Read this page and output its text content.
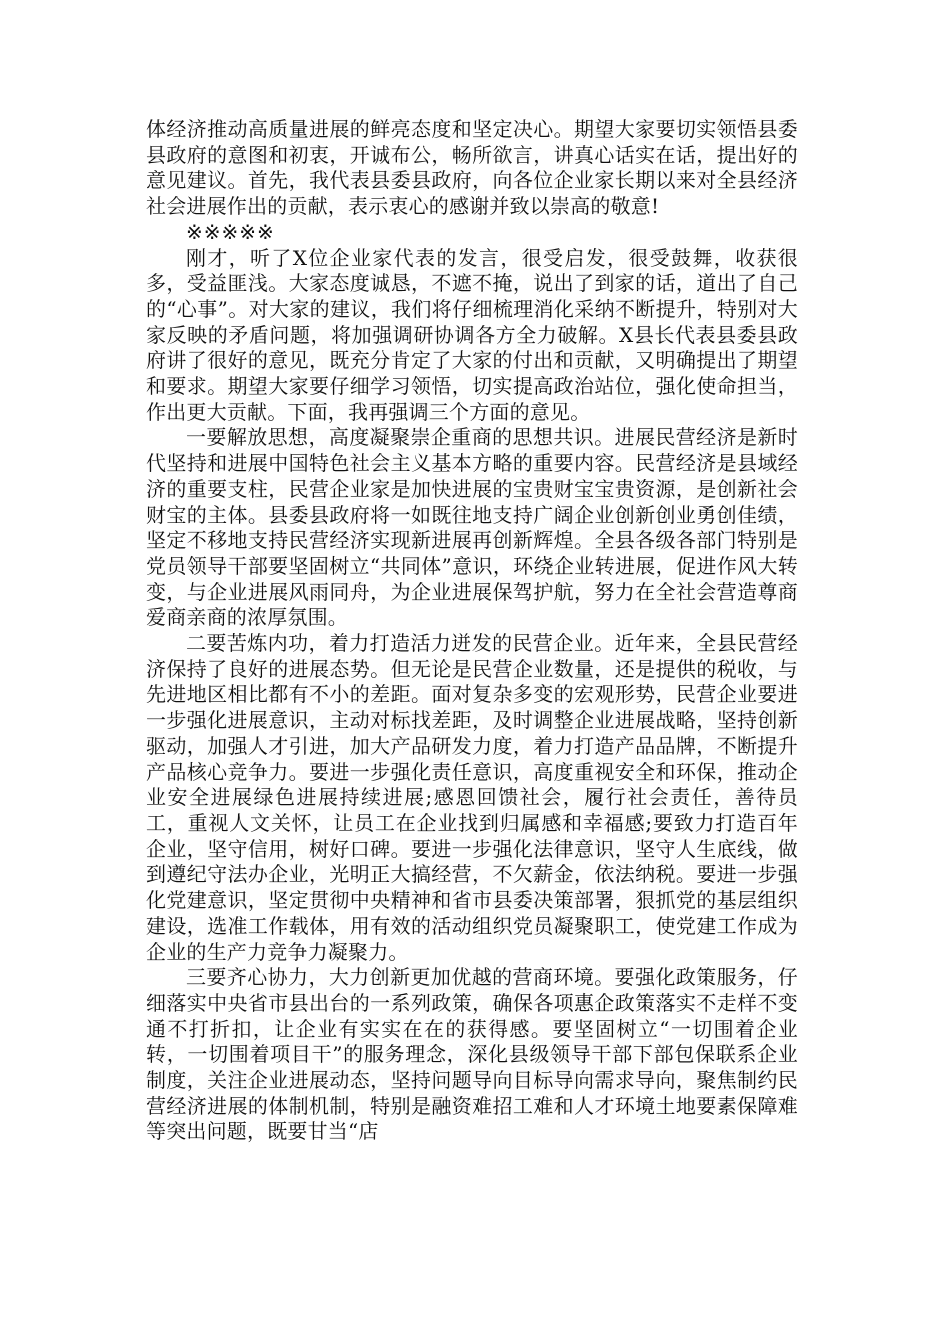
体经济推动高质量进展的鲜亮态度和坚定决心。期望大家要切实领悟县委县政府的意图和初衷，开诚布公，畅所欲言，讲真心话实在话，提出好的意见建议。首先，我代表县委县政府，向各位企业家长期以来对全县经济社会进展作出的贡献，表示衷心的感谢并致以崇高的敬意!

※※※※※

刚才，听了X位企业家代表的发言，很受启发，很受鼓舞，收获很多，受益匪浅。大家态度诚恳，不遮不掩，说出了到家的话，道出了自己的“心事”。对大家的建议，我们将仔细梳理消化采纳不断提升，特别对大家反映的矛盾问题，将加强调研协调各方全力破解。X县长代表县委县政府讲了很好的意见，既充分肯定了大家的付出和贡献，又明确提出了期望和要求。期望大家要仔细学习领悟，切实提高政治站位，强化使命担当，作出更大贡献。下面，我再强调三个方面的意见。

一要解放思想，高度凝聚崇企重商的思想共识。进展民营经济是新时代坚持和进展中国特色社会主义基本方略的重要内容。民营经济是县域经济的重要支柱，民营企业家是加快进展的宝贵财宝宝贵资源，是创新社会财宝的主体。县委县政府将一如既往地支持广阔企业创新创业勇创佳绩，坚定不移地支持民营经济实现新进展再创新辉煌。全县各级各部门特别是党员领导干部要坚固树立“共同体”意识，环绕企业转进展，促进作风大转变，与企业进展风雨同舟，为企业进展保驾护航，努力在全社会营造尊商爱商亲商的浓厚氛围。

二要苦炼内功，着力打造活力迸发的民营企业。近年来，全县民营经济保持了良好的进展态势。但无论是民营企业数量，还是提供的税收，与先进地区相比都有不小的差距。面对复杂多变的宏观形势，民营企业要进一步强化进展意识，主动对标找差距，及时调整企业进展战略，坚持创新驱动，加强人才引进，加大产品研发力度，着力打造产品品牌，不断提升产品核心竞争力。要进一步强化责任意识，高度重视安全和环保，推动企业安全进展绿色进展持续进展;感恩回馈社会，履行社会责任，善待员工，重视人文关怀，让员工在企业找到归属感和幸福感;要致力打造百年企业，坚守信用，树好口碑。要进一步强化法律意识，坚守人生底线，做到遵纪守法办企业，光明正大搞经营，不欠薪金，依法纳税。要进一步强化党建意识，坚定贯彻中央精神和省市县委决策部署，狠抓党的基层组织建设，选准工作载体，用有效的活动组织党员凝聚职工，使党建工作成为企业的生产力竞争力凝聚力。

三要齐心协力，大力创新更加优越的营商环境。要强化政策服务，仔细落实中央省市县出台的一系列政策，确保各项惠企政策落实不走样不变通不打折扣，让企业有实实在在的获得感。要坚固树立“一切围着企业转，一切围着项目干”的服务理念，深化县级领导干部下部包保联系企业制度，关注企业进展动态，坚持问题导向目标导向需求导向，聚焦制约民营经济进展的体制机制，特别是融资难招工难和人才环境土地要素保障难等突出问题，既要甘当“店
